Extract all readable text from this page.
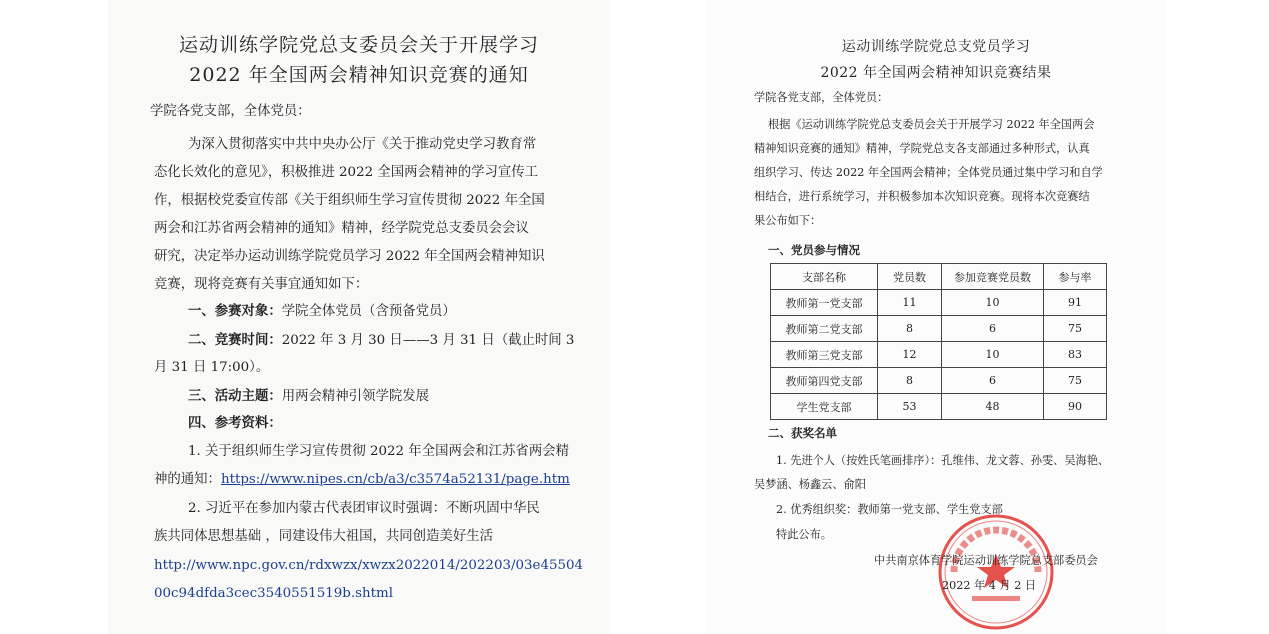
运动训练学院党总支委员会关于开展学习
2022 年全国两会精神知识竞赛的通知
学院各党支部，全体党员：
为深入贯彻落实中共中央办公厅《关于推动党史学习教育常
态化长效化的意见》，积极推进 2022 全国两会精神的学习宣传工
作，根据校党委宣传部《关于组织师生学习宣传贯彻 2022 年全国
两会和江苏省两会精神的通知》精神，经学院党总支委员会会议
研究，决定举办运动训练学院党员学习 2022 年全国两会精神知识
竞赛，现将竞赛有关事宜通知如下：
一、参赛对象：学院全体党员（含预备党员）
二、竞赛时间：2022 年 3 月 30 日——3 月 31 日（截止时间 3
月 31 日 17:00）。
三、活动主题：用两会精神引领学院发展
四、参考资料：
1. 关于组织师生学习宣传贯彻 2022 年全国两会和江苏省两会精
神的通知：https://www.nipes.cn/cb/a3/c3574a52131/page.htm
2. 习近平在参加内蒙古代表团审议时强调：不断巩固中华民
族共同体思想基础 ，同建设伟大祖国，共同创造美好生活
http://www.npc.gov.cn/rdxwzx/xwzx2022014/202203/03e45504
00c94dfda3cec3540551519b.shtml
运动训练学院党总支党员学习
2022 年全国两会精神知识竞赛结果
学院各党支部，全体党员：
根据《运动训练学院党总支委员会关于开展学习 2022 年全国两会
精神知识竞赛的通知》精神，学院党总支各支部通过多种形式，认真
组织学习、传达 2022 年全国两会精神；全体党员通过集中学习和自学
相结合，进行系统学习，并积极参加本次知识竞赛。现将本次竞赛结
果公布如下：
一、党员参与情况
支部名称	党员数	参加竞赛党员数	参与率
教师第一党支部	11	10	91
教师第二党支部	8	6	75
教师第三党支部	12	10	83
教师第四党支部	8	6	75
学生党支部	53	48	90
二、获奖名单
1. 先进个人（按姓氏笔画排序）：孔维伟、龙文蓉、孙雯、吴海艳、
吴梦涵、杨鑫云、俞阳
2. 优秀组织奖：教师第一党支部、学生党支部
特此公布。
中共南京体育学院运动训练学院总支部委员会
2022 年 4 月 2 日
